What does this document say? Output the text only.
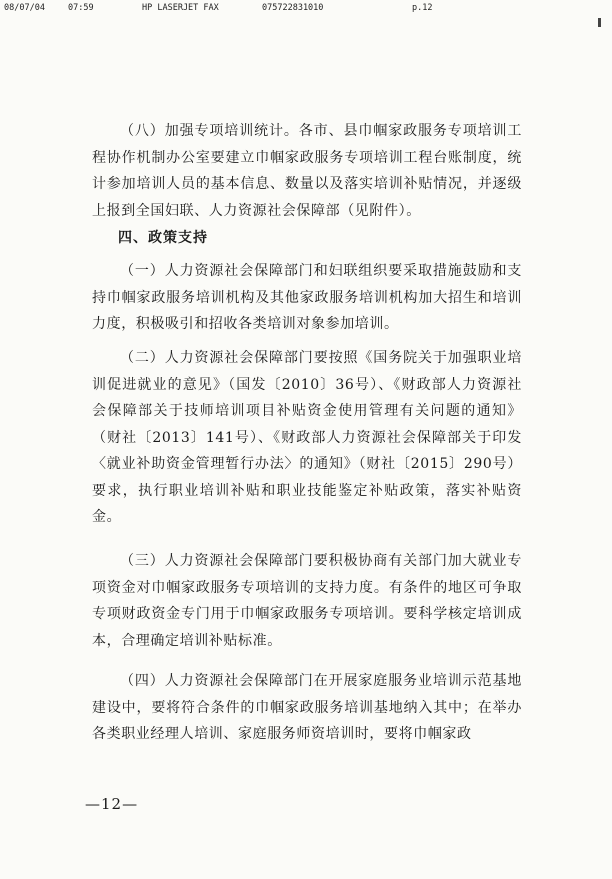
08/07/04	07:59	HP LASERJET FAX	075722831010	p.12

（八）加强专项培训统计。各市、县巾帼家政服务专项培训工程协作机制办公室要建立巾帼家政服务专项培训工程台账制度，统计参加培训人员的基本信息、数量以及落实培训补贴情况，并逐级上报到全国妇联、人力资源社会保障部（见附件）。

四、政策支持

（一）人力资源社会保障部门和妇联组织要采取措施鼓励和支持巾帼家政服务培训机构及其他家政服务培训机构加大招生和培训力度，积极吸引和招收各类培训对象参加培训。

（二）人力资源社会保障部门要按照《国务院关于加强职业培训促进就业的意见》（国发〔2010〕36号）、《财政部人力资源社会保障部关于技师培训项目补贴资金使用管理有关问题的通知》（财社〔2013〕141号）、《财政部人力资源社会保障部关于印发〈就业补助资金管理暂行办法〉的通知》（财社〔2015〕290号）要求，执行职业培训补贴和职业技能鉴定补贴政策，落实补贴资金。

（三）人力资源社会保障部门要积极协商有关部门加大就业专项资金对巾帼家政服务专项培训的支持力度。有条件的地区可争取专项财政资金专门用于巾帼家政服务专项培训。要科学核定培训成本，合理确定培训补贴标准。

（四）人力资源社会保障部门在开展家庭服务业培训示范基地建设中，要将符合条件的巾帼家政服务培训基地纳入其中；在举办各类职业经理人培训、家庭服务师资培训时，要将巾帼家政

—12—
